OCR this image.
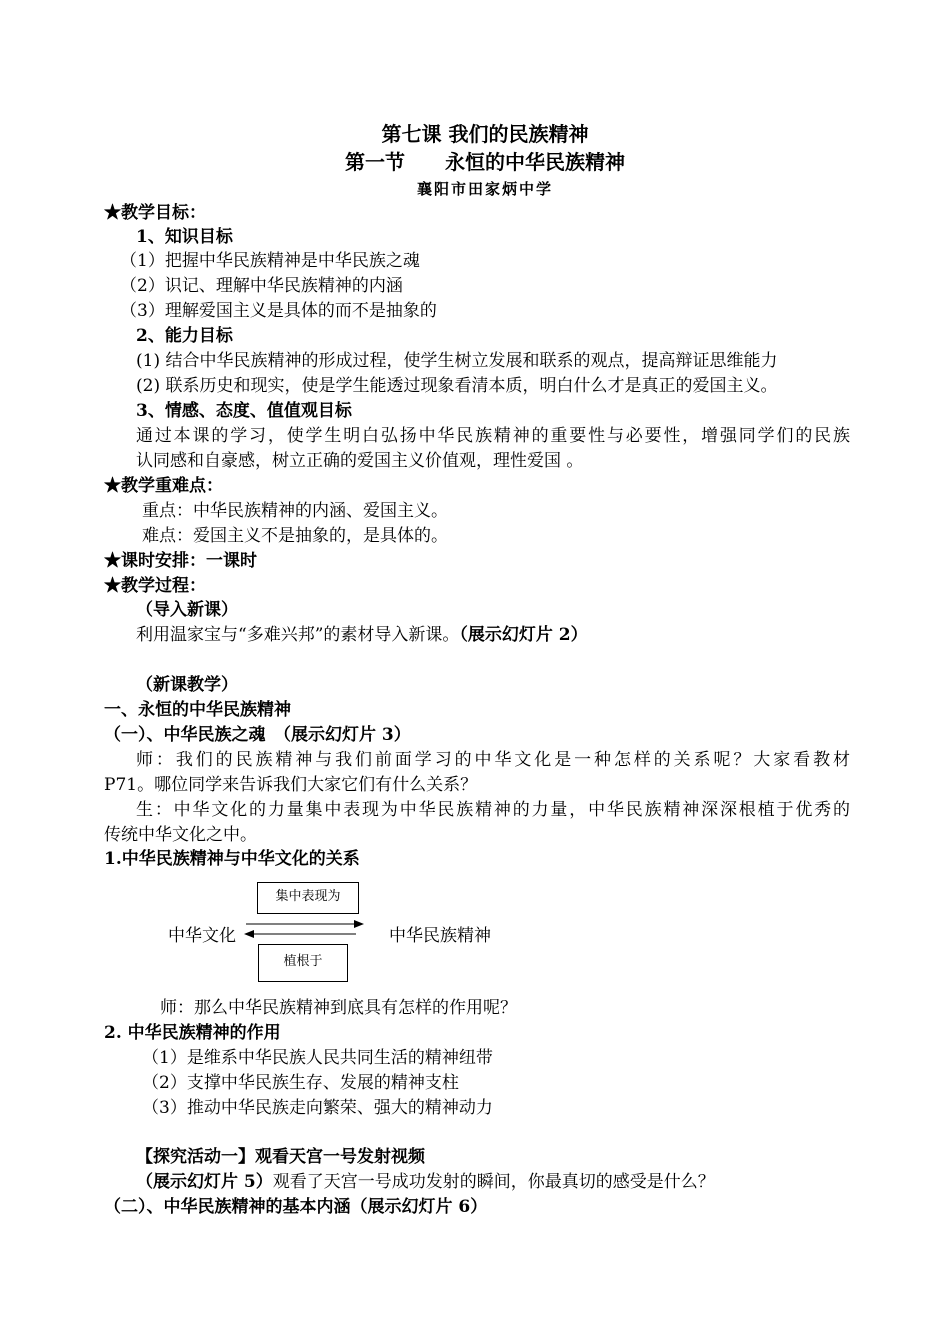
第七课 我们的民族精神
第一节　　永恒的中华民族精神
襄阳市田家炳中学
★教学目标：
1、知识目标
（1）把握中华民族精神是中华民族之魂
（2）识记、理解中华民族精神的内涵
（3）理解爱国主义是具体的而不是抽象的
2、能力目标
(1) 结合中华民族精神的形成过程，使学生树立发展和联系的观点，提高辩证思维能力
(2) 联系历史和现实，使是学生能透过现象看清本质，明白什么才是真正的爱国主义。
3、情感、态度、值值观目标
通过本课的学习，使学生明白弘扬中华民族精神的重要性与必要性，增强同学们的民族
认同感和自豪感，树立正确的爱国主义价值观，理性爱国 。
★教学重难点：
重点：中华民族精神的内涵、爱国主义。
难点：爱国主义不是抽象的，是具体的。
★课时安排：一课时
★教学过程：
（导入新课）
利用温家宝与“多难兴邦”的素材导入新课。（展示幻灯片 2）
（新课教学）
一、永恒的中华民族精神
（一）、中华民族之魂　（展示幻灯片 3）
师：我们的民族精神与我们前面学习的中华文化是一种怎样的关系呢？大家看教材
P71。哪位同学来告诉我们大家它们有什么关系？
生：中华文化的力量集中表现为中华民族精神的力量，中华民族精神深深根植于优秀的
传统中华文化之中。
1.中华民族精神与中华文化的关系
集中表现为
植根于
中华文化	中华民族精神
师：那么中华民族精神到底具有怎样的作用呢？
2. 中华民族精神的作用
（1）是维系中华民族人民共同生活的精神纽带
（2）支撑中华民族生存、发展的精神支柱
（3）推动中华民族走向繁荣、强大的精神动力
【探究活动一】观看天宫一号发射视频
（展示幻灯片 5）观看了天宫一号成功发射的瞬间，你最真切的感受是什么？
（二）、中华民族精神的基本内涵（展示幻灯片 6）
